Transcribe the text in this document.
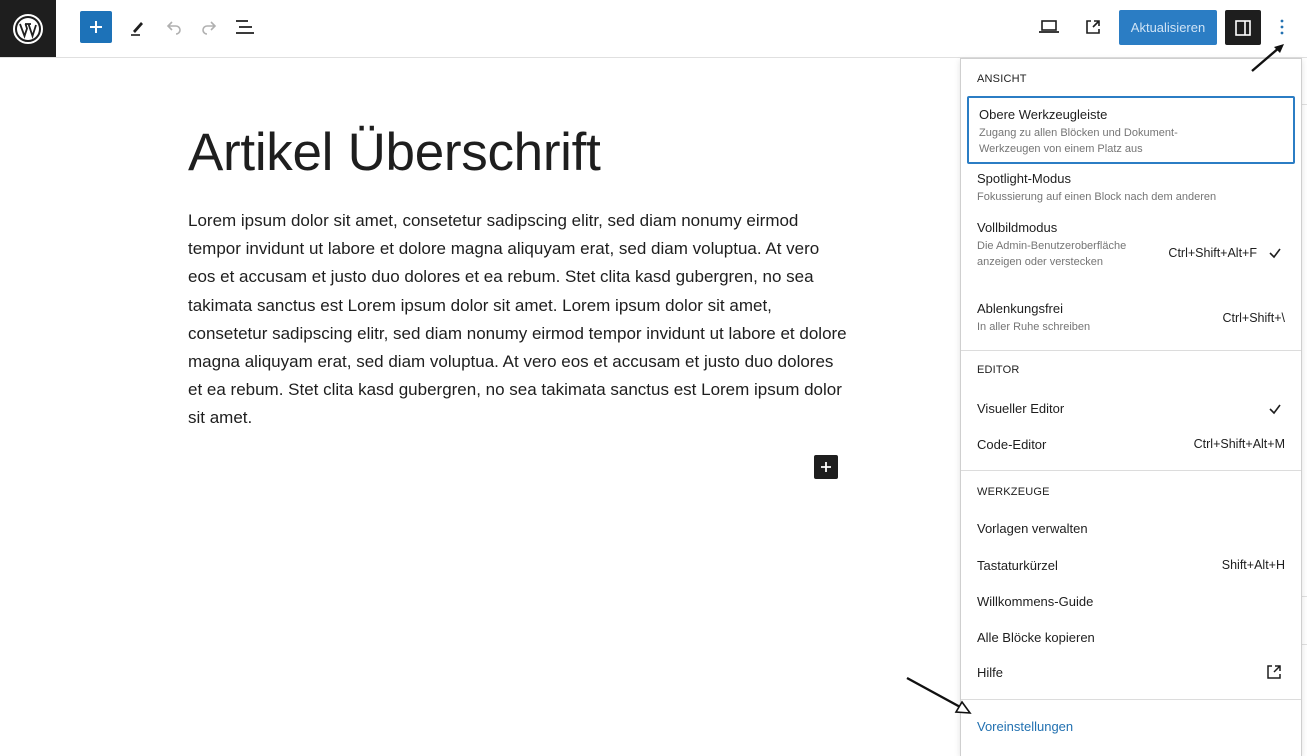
Aktualisieren
Artikel Überschrift

Lorem ipsum dolor sit amet, consetetur sadipscing elitr, sed diam nonumy eirmod tempor invidunt ut labore et dolore magna aliquyam erat, sed diam voluptua. At vero eos et accusam et justo duo dolores et ea rebum. Stet clita kasd gubergren, no sea takimata sanctus est Lorem ipsum dolor sit amet. Lorem ipsum dolor sit amet, consetetur sadipscing elitr, sed diam nonumy eirmod tempor invidunt ut labore et dolore magna aliquyam erat, sed diam voluptua. At vero eos et accusam et justo duo dolores et ea rebum. Stet clita kasd gubergren, no sea takimata sanctus est Lorem ipsum dolor sit amet.

ANSICHT
Obere Werkzeugleiste
Zugang zu allen Blöcken und Dokument-Werkzeugen von einem Platz aus
Spotlight-Modus
Fokussierung auf einen Block nach dem anderen
Vollbildmodus
Die Admin-Benutzeroberfläche anzeigen oder verstecken
Ctrl+Shift+Alt+F
Ablenkungsfrei
In aller Ruhe schreiben
Ctrl+Shift+\
EDITOR
Visueller Editor
Code-Editor	Ctrl+Shift+Alt+M
WERKZEUGE
Vorlagen verwalten
Tastaturkürzel	Shift+Alt+H
Willkommens-Guide
Alle Blöcke kopieren
Hilfe
Voreinstellungen
